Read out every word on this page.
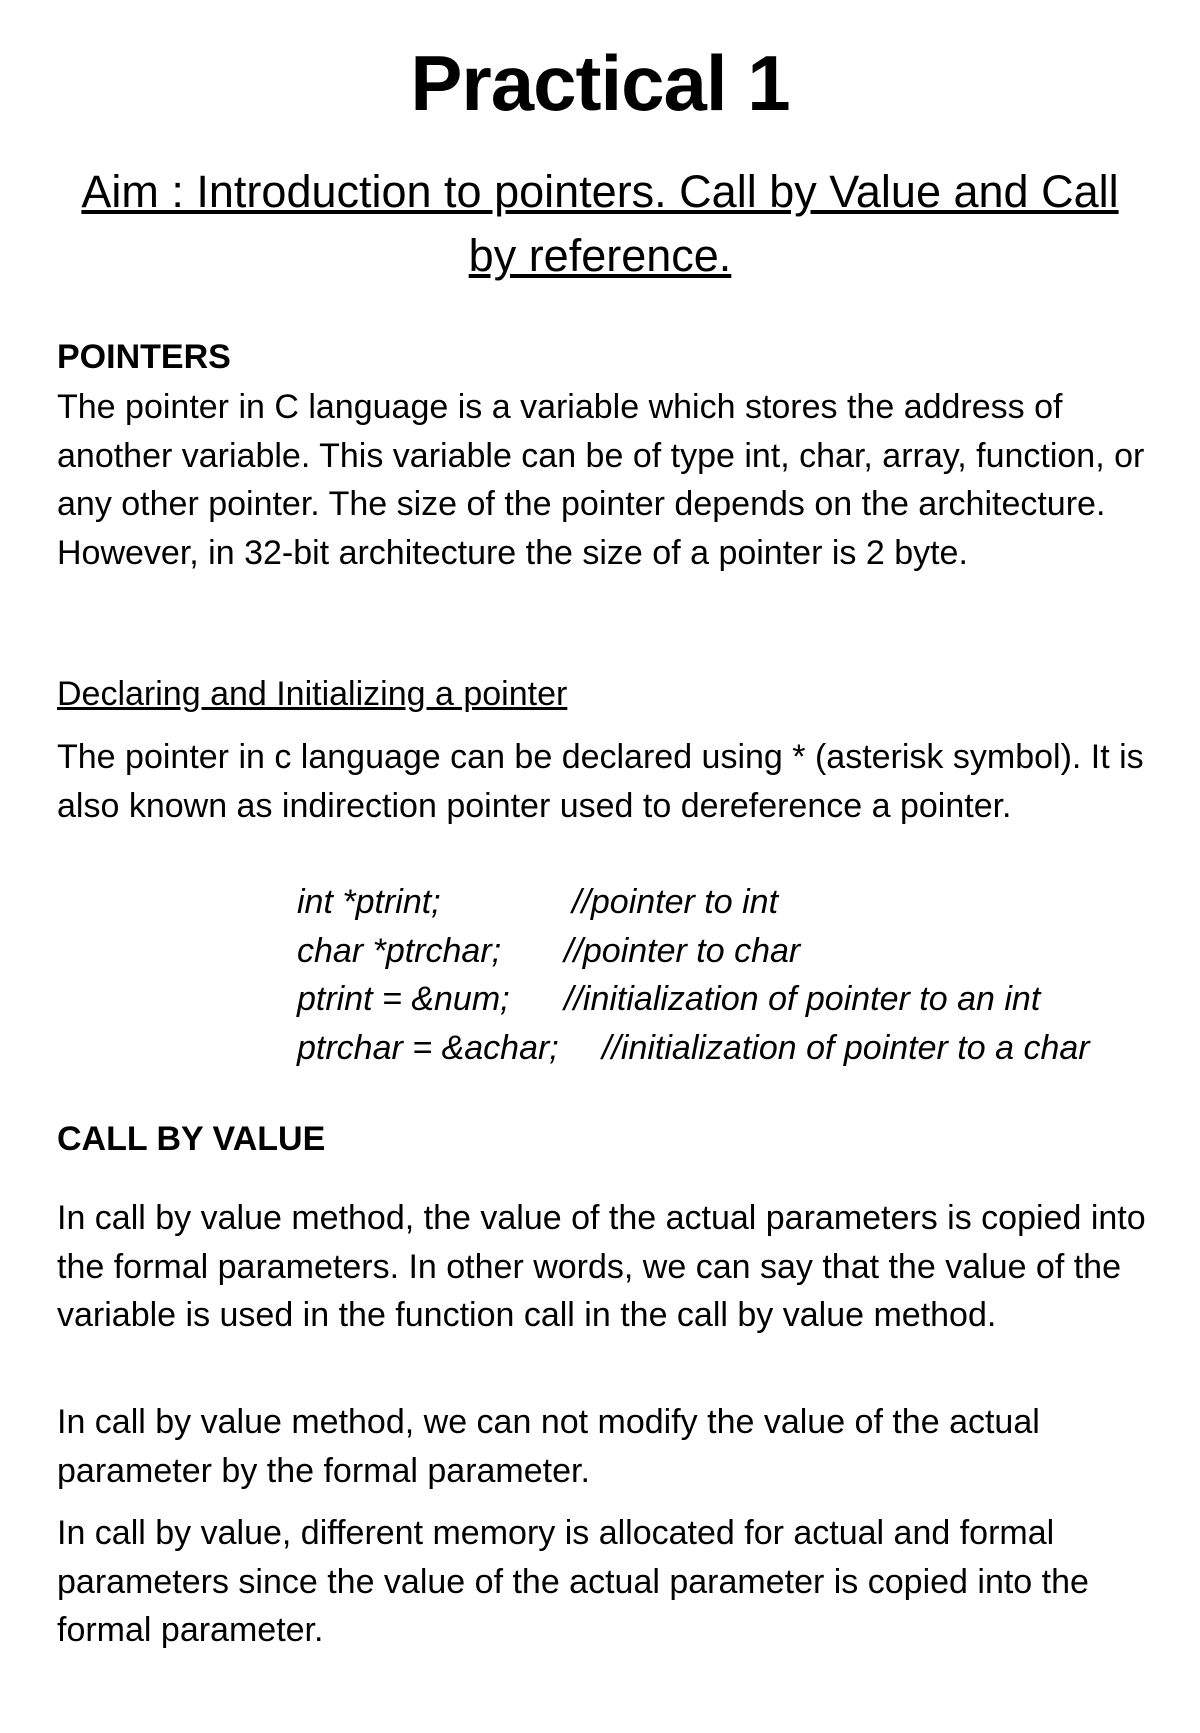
Practical 1
Aim : Introduction to pointers. Call by Value and Call by reference.
POINTERS
The pointer in C language is a variable which stores the address of another variable. This variable can be of type int, char, array, function, or any other pointer. The size of the pointer depends on the architecture. However, in 32-bit architecture the size of a pointer is 2 byte.
Declaring and Initializing a pointer
The pointer in c language can be declared using * (asterisk symbol). It is also known as indirection pointer used to dereference a pointer.
int *ptrint;	//pointer to int
char *ptrchar;	//pointer to char
ptrint = &num;	//initialization of pointer to an int
ptrchar = &achar;	//initialization of pointer to a char
CALL BY VALUE
In call by value method, the value of the actual parameters is copied into the formal parameters. In other words, we can say that the value of the variable is used in the function call in the call by value method.
In call by value method, we can not modify the value of the actual parameter by the formal parameter.
In call by value, different memory is allocated for actual and formal parameters since the value of the actual parameter is copied into the formal parameter.
